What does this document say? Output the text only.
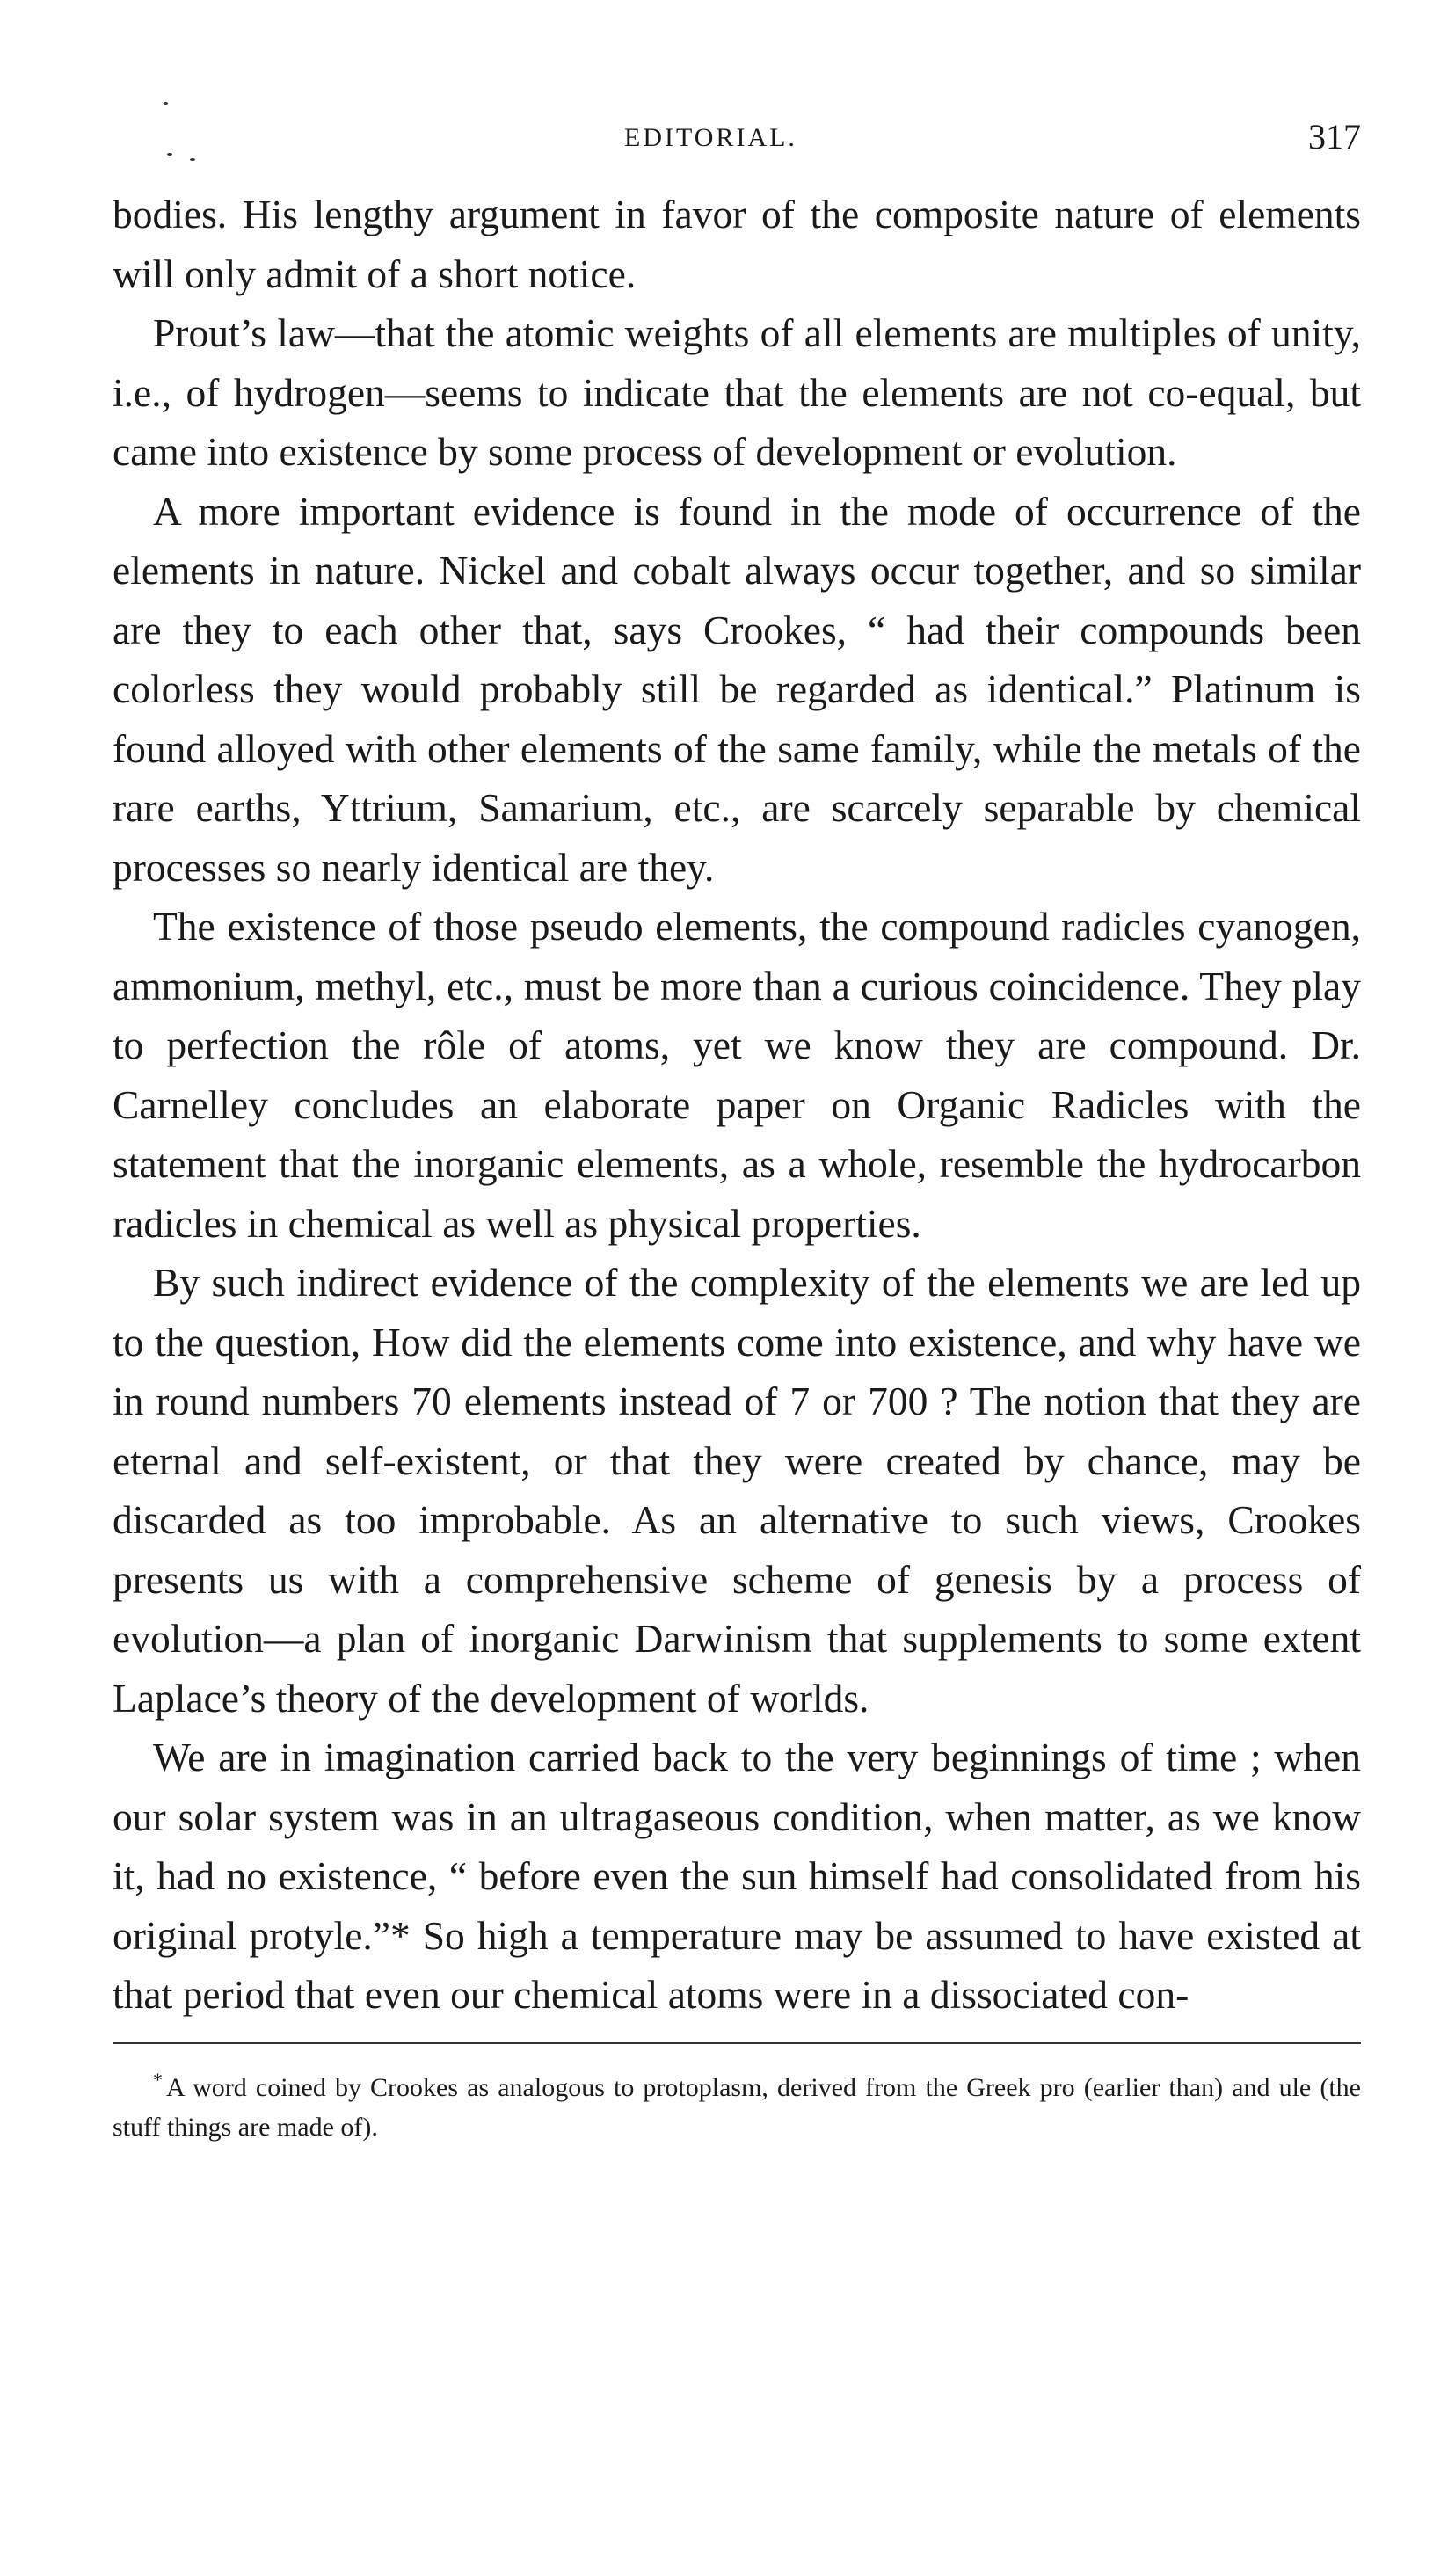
EDITORIAL.	317

bodies. His lengthy argument in favor of the composite nature of elements will only admit of a short notice.

Prout’s law—that the atomic weights of all elements are multiples of unity, i.e., of hydrogen—seems to indicate that the elements are not co-equal, but came into existence by some process of development or evolution.

A more important evidence is found in the mode of occurrence of the elements in nature. Nickel and cobalt always occur together, and so similar are they to each other that, says Crookes, “ had their compounds been colorless they would probably still be regarded as identical.” Platinum is found alloyed with other elements of the same family, while the metals of the rare earths, Yttrium, Samarium, etc., are scarcely separable by chemical processes so nearly identical are they.

The existence of those pseudo elements, the compound radicles cyanogen, ammonium, methyl, etc., must be more than a curious coincidence. They play to perfection the rôle of atoms, yet we know they are compound. Dr. Carnelley concludes an elaborate paper on Organic Radicles with the statement that the inorganic elements, as a whole, resemble the hydrocarbon radicles in chemical as well as physical properties.

By such indirect evidence of the complexity of the elements we are led up to the question, How did the elements come into existence, and why have we in round numbers 70 elements instead of 7 or 700 ? The notion that they are eternal and self-existent, or that they were created by chance, may be discarded as too improbable. As an alternative to such views, Crookes presents us with a comprehensive scheme of genesis by a process of evolution—a plan of inorganic Darwinism that supplements to some extent Laplace’s theory of the development of worlds.

We are in imagination carried back to the very beginnings of time ; when our solar system was in an ultragaseous condition, when matter, as we know it, had no existence, “ before even the sun himself had consolidated from his original protyle.”* So high a temperature may be assumed to have existed at that period that even our chemical atoms were in a dissociated con-

* A word coined by Crookes as analogous to protoplasm, derived from the Greek pro (earlier than) and ule (the stuff things are made of).
